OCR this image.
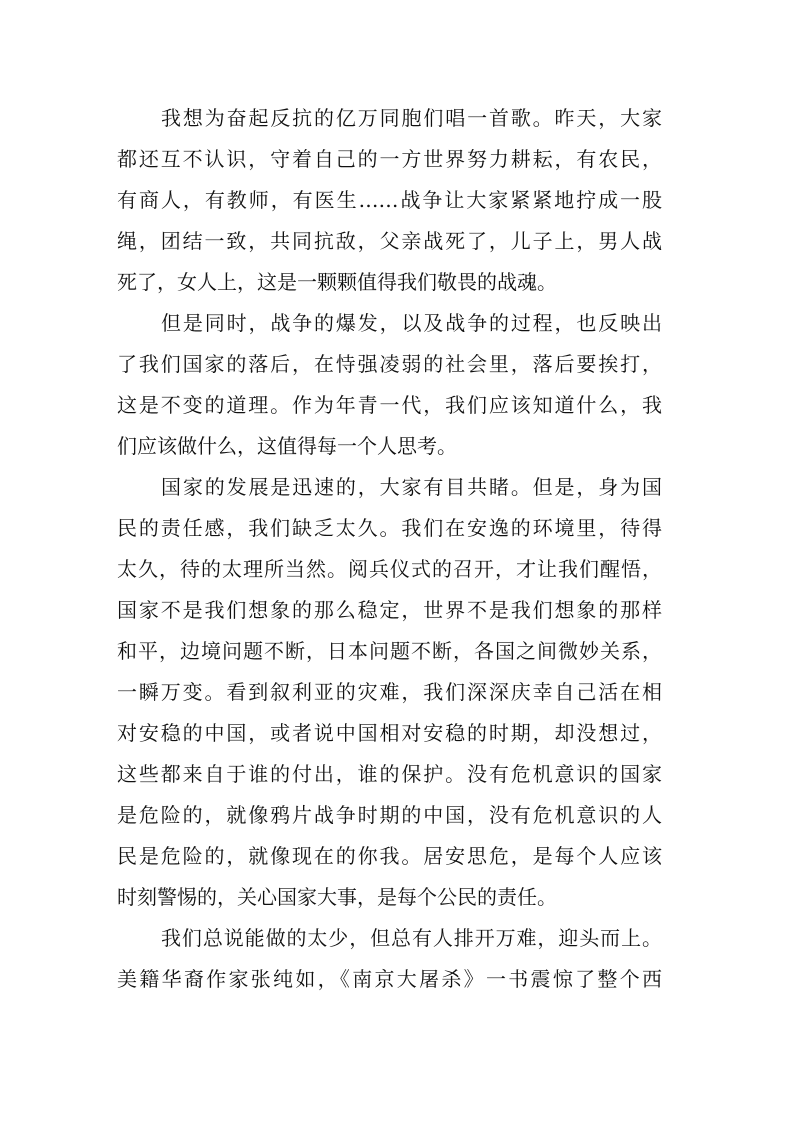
我想为奋起反抗的亿万同胞们唱一首歌。昨天，大家
都还互不认识，守着自己的一方世界努力耕耘，有农民，
有商人，有教师，有医生……战争让大家紧紧地拧成一股
绳，团结一致，共同抗敌，父亲战死了，儿子上，男人战
死了，女人上，这是一颗颗值得我们敬畏的战魂。
但是同时，战争的爆发，以及战争的过程，也反映出
了我们国家的落后，在恃强凌弱的社会里，落后要挨打，
这是不变的道理。作为年青一代，我们应该知道什么，我
们应该做什么，这值得每一个人思考。
国家的发展是迅速的，大家有目共睹。但是，身为国
民的责任感，我们缺乏太久。我们在安逸的环境里，待得
太久，待的太理所当然。阅兵仪式的召开，才让我们醒悟，
国家不是我们想象的那么稳定，世界不是我们想象的那样
和平，边境问题不断，日本问题不断，各国之间微妙关系，
一瞬万变。看到叙利亚的灾难，我们深深庆幸自己活在相
对安稳的中国，或者说中国相对安稳的时期，却没想过，
这些都来自于谁的付出，谁的保护。没有危机意识的国家
是危险的，就像鸦片战争时期的中国，没有危机意识的人
民是危险的，就像现在的你我。居安思危，是每个人应该
时刻警惕的，关心国家大事，是每个公民的责任。
我们总说能做的太少，但总有人排开万难，迎头而上。
美籍华裔作家张纯如，《南京大屠杀》一书震惊了整个西
